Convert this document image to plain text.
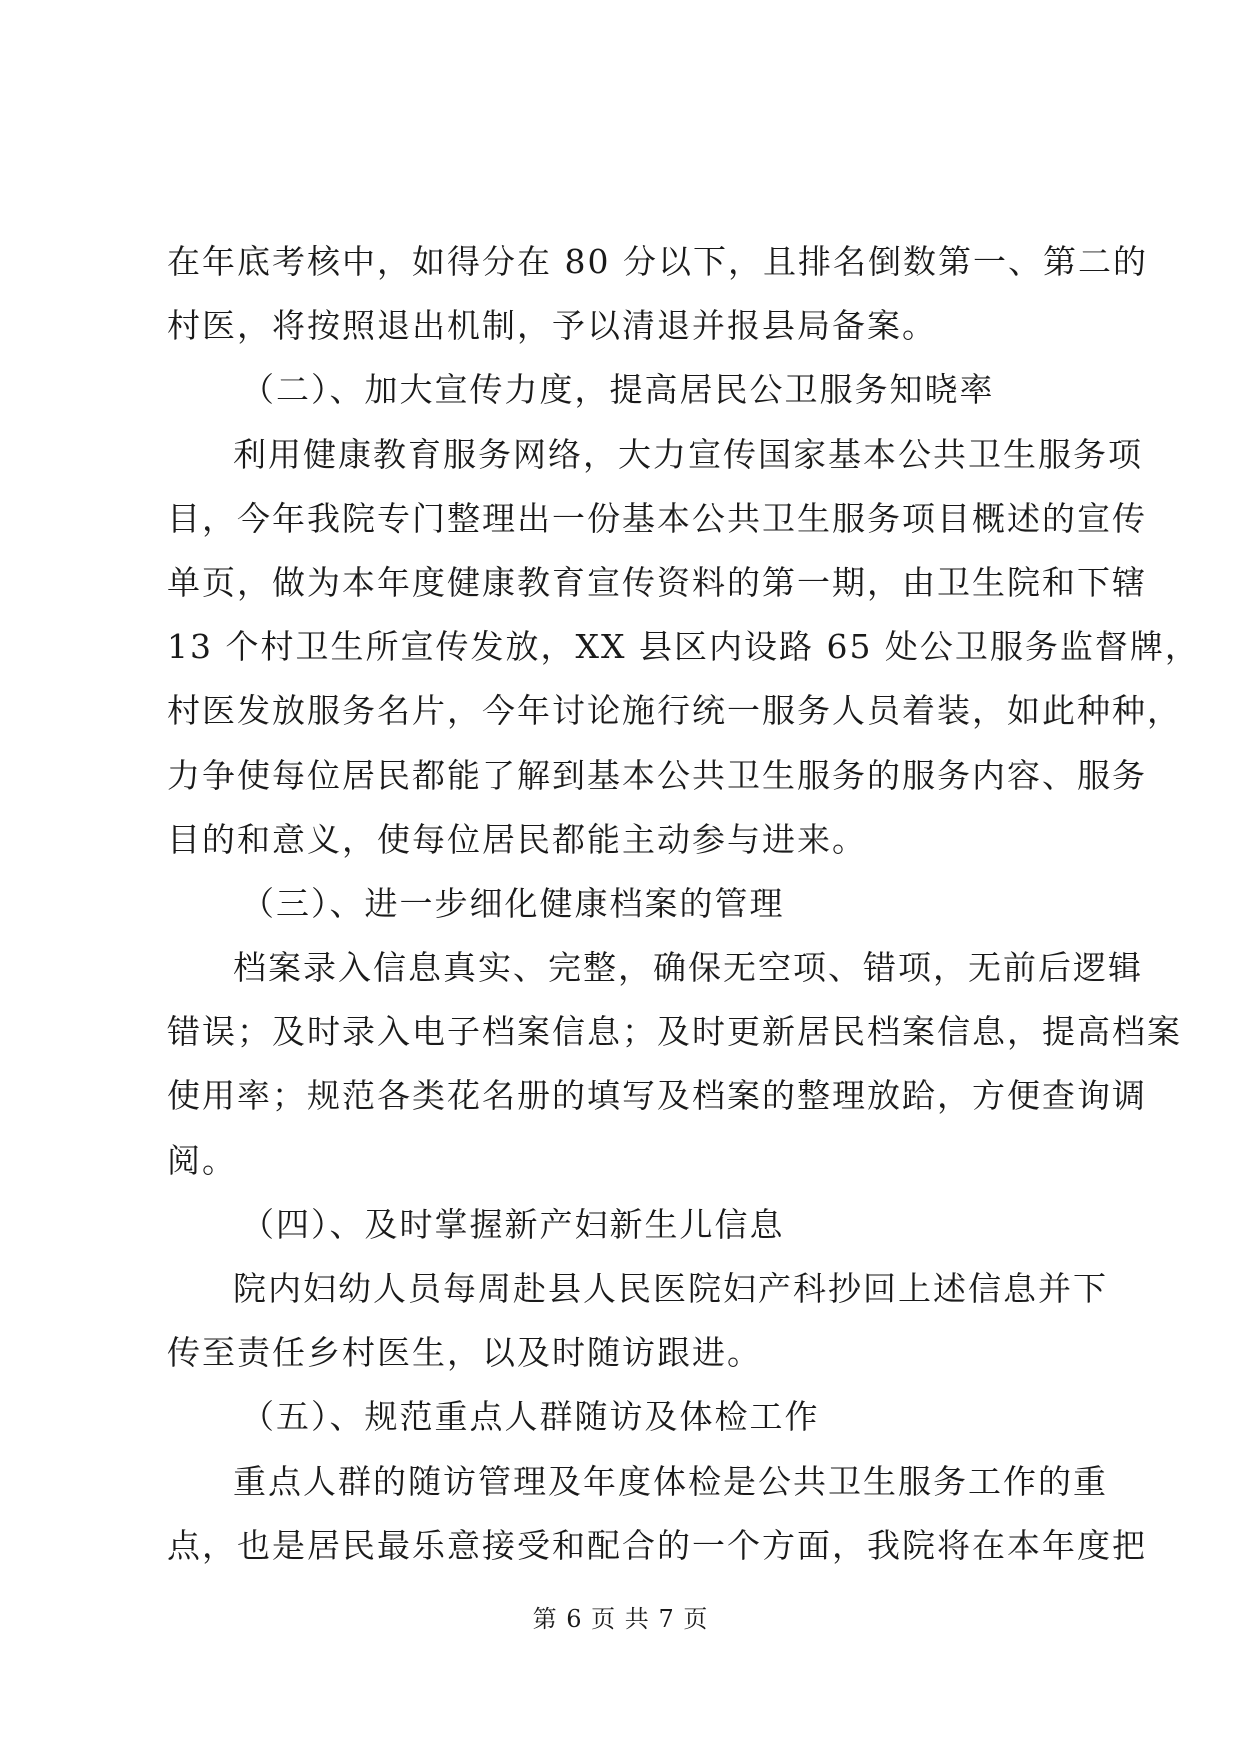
在年底考核中，如得分在 80 分以下，且排名倒数第一、第二的
村医，将按照退出机制，予以清退并报县局备案。
（二）、加大宣传力度，提高居民公卫服务知晓率
利用健康教育服务网络，大力宣传国家基本公共卫生服务项
目，今年我院专门整理出一份基本公共卫生服务项目概述的宣传
单页，做为本年度健康教育宣传资料的第一期，由卫生院和下辖
13 个村卫生所宣传发放，XX 县区内设路 65 处公卫服务监督牌，
村医发放服务名片，今年讨论施行统一服务人员着装，如此种种，
力争使每位居民都能了解到基本公共卫生服务的服务内容、服务
目的和意义，使每位居民都能主动参与进来。
（三）、进一步细化健康档案的管理
档案录入信息真实、完整，确保无空项、错项，无前后逻辑
错误；及时录入电子档案信息；及时更新居民档案信息，提高档案
使用率；规范各类花名册的填写及档案的整理放跲，方便查询调
阅。
（四）、及时掌握新产妇新生儿信息
院内妇幼人员每周赴县人民医院妇产科抄回上述信息并下
传至责任乡村医生，以及时随访跟进。
（五）、规范重点人群随访及体检工作
重点人群的随访管理及年度体检是公共卫生服务工作的重
点，也是居民最乐意接受和配合的一个方面，我院将在本年度把
第 6 页 共 7 页
